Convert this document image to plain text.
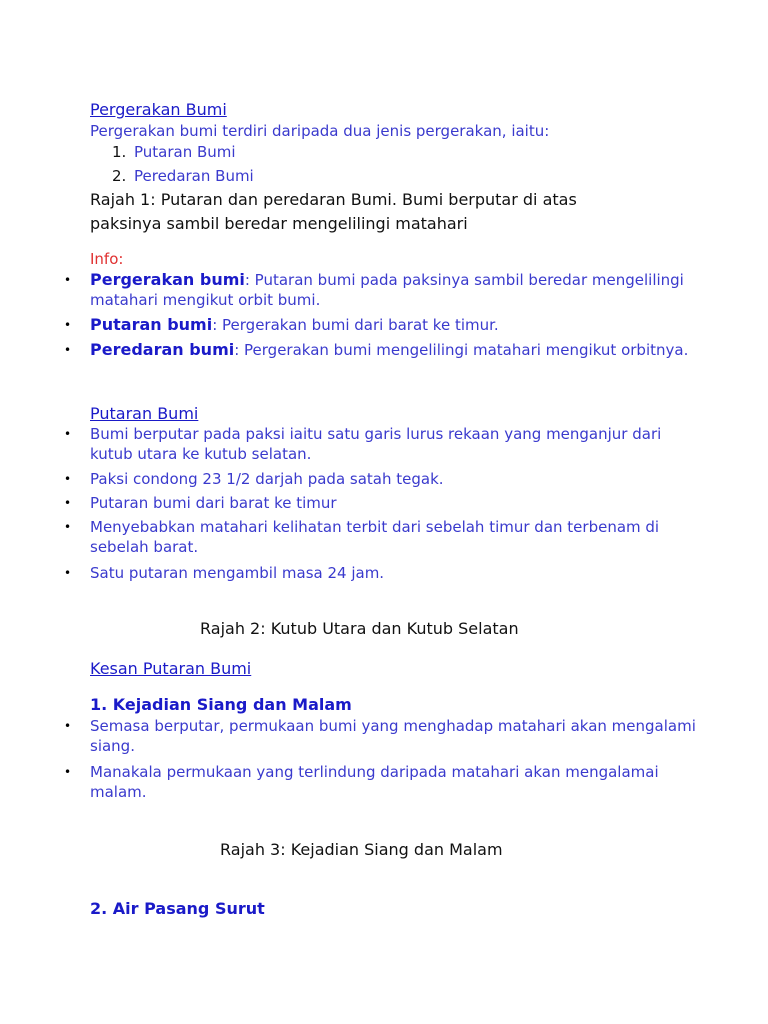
Pergerakan Bumi
Pergerakan bumi terdiri daripada dua jenis pergerakan, iaitu:
1. Putaran Bumi
2. Peredaran Bumi
Rajah 1: Putaran dan peredaran Bumi. Bumi berputar di atas
paksinya sambil beredar mengelilingi matahari
Info:
• Pergerakan bumi: Putaran bumi pada paksinya sambil beredar mengelilingi matahari mengikut orbit bumi.
• Putaran bumi: Pergerakan bumi dari barat ke timur.
• Peredaran bumi: Pergerakan bumi mengelilingi matahari mengikut orbitnya.
Putaran Bumi
• Bumi berputar pada paksi iaitu satu garis lurus rekaan yang menganjur dari kutub utara ke kutub selatan.
• Paksi condong 23 1/2 darjah pada satah tegak.
• Putaran bumi dari barat ke timur
• Menyebabkan matahari kelihatan terbit dari sebelah timur dan terbenam di sebelah barat.
• Satu putaran mengambil masa 24 jam.
Rajah 2: Kutub Utara dan Kutub Selatan
Kesan Putaran Bumi
1. Kejadian Siang dan Malam
• Semasa berputar, permukaan bumi yang menghadap matahari akan mengalami siang.
• Manakala permukaan yang terlindung daripada matahari akan mengalamai malam.
Rajah 3: Kejadian Siang dan Malam
2. Air Pasang Surut
